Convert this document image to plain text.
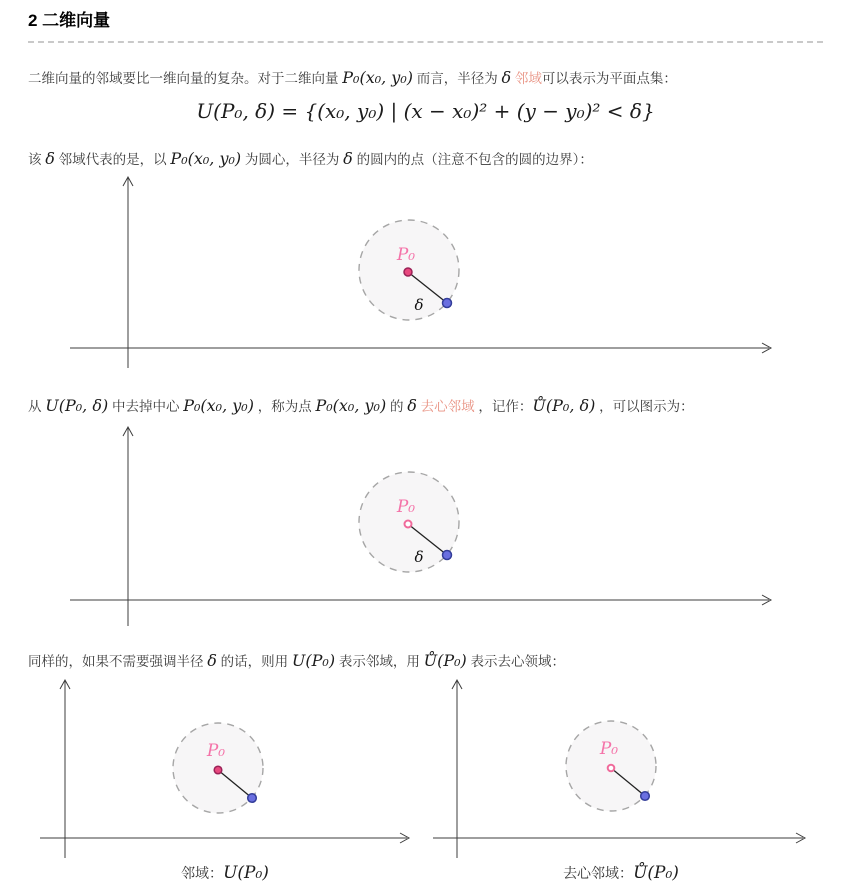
2 二维向量

二维向量的邻域要比一维向量的复杂。对于二维向量 P₀(x₀, y₀) 而言，半径为 δ 邻域可以表示为平面点集：

U(P₀, δ) = {(x₀, y₀) | (x − x₀)² + (y − y₀)² < δ}

该 δ 邻域代表的是，以 P₀(x₀, y₀) 为圆心，半径为 δ 的圆内的点（注意不包含的圆的边界）：

P₀
δ

从 U(P₀, δ) 中去掉中心 P₀(x₀, y₀) ，称为点 P₀(x₀, y₀) 的 δ 去心邻域 ，记作：Ů(P₀, δ) ，可以图示为：

P₀
δ

同样的，如果不需要强调半径 δ 的话，则用 U(P₀) 表示邻域，用 Ů(P₀) 表示去心领域：

P₀
邻域：U(P₀)
P₀
去心邻域：Ů(P₀)
